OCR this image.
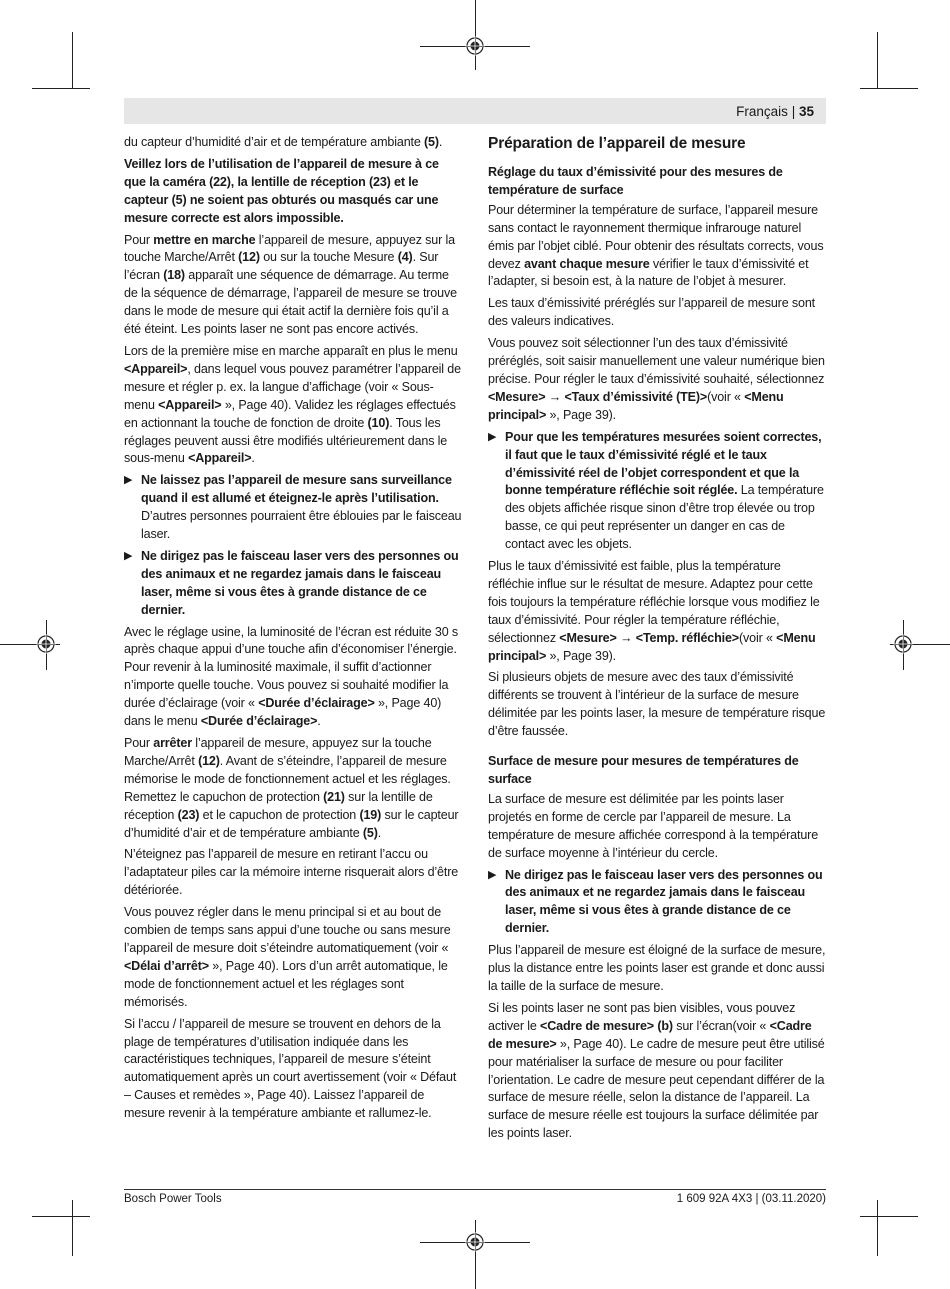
Français | 35

du capteur d’humidité d’air et de température ambiante (5).

Veillez lors de l’utilisation de l’appareil de mesure à ce que la caméra (22), la lentille de réception (23) et le capteur (5) ne soient pas obturés ou masqués car une mesure correcte est alors impossible.

Pour mettre en marche l’appareil de mesure, appuyez sur la touche Marche/Arrêt (12) ou sur la touche Mesure (4). Sur l’écran (18) apparaît une séquence de démarrage. Au terme de la séquence de démarrage, l’appareil de mesure se trouve dans le mode de mesure qui était actif la dernière fois qu’il a été éteint. Les points laser ne sont pas encore activés.

Lors de la première mise en marche apparaît en plus le menu <Appareil>, dans lequel vous pouvez paramétrer l’appareil de mesure et régler p. ex. la langue d’affichage (voir « Sous-menu <Appareil> », Page 40). Validez les réglages effectués en actionnant la touche de fonction de droite (10). Tous les réglages peuvent aussi être modifiés ultérieurement dans le sous-menu <Appareil>.

▶ Ne laissez pas l’appareil de mesure sans surveillance quand il est allumé et éteignez-le après l’utilisation. D’autres personnes pourraient être éblouies par le faisceau laser.
▶ Ne dirigez pas le faisceau laser vers des personnes ou des animaux et ne regardez jamais dans le faisceau laser, même si vous êtes à grande distance de ce dernier.

Avec le réglage usine, la luminosité de l’écran est réduite 30 s après chaque appui d’une touche afin d’économiser l’énergie. Pour revenir à la luminosité maximale, il suffit d’actionner n’importe quelle touche. Vous pouvez si souhaité modifier la durée d’éclairage (voir « <Durée d’éclairage> », Page 40) dans le menu <Durée d’éclairage>.

Pour arrêter l’appareil de mesure, appuyez sur la touche Marche/Arrêt (12). Avant de s’éteindre, l’appareil de mesure mémorise le mode de fonctionnement actuel et les réglages. Remettez le capuchon de protection (21) sur la lentille de réception (23) et le capuchon de protection (19) sur le capteur d’humidité d’air et de température ambiante (5).

N’éteignez pas l’appareil de mesure en retirant l’accu ou l’adaptateur piles car la mémoire interne risquerait alors d’être détériorée.

Vous pouvez régler dans le menu principal si et au bout de combien de temps sans appui d’une touche ou sans mesure l’appareil de mesure doit s’éteindre automatiquement (voir « <Délai d’arrêt> », Page 40). Lors d’un arrêt automatique, le mode de fonctionnement actuel et les réglages sont mémorisés.

Si l’accu / l’appareil de mesure se trouvent en dehors de la plage de températures d’utilisation indiquée dans les caractéristiques techniques, l’appareil de mesure s’éteint automatiquement après un court avertissement (voir « Défaut – Causes et remèdes », Page 40). Laissez l’appareil de mesure revenir à la température ambiante et rallumez-le.

Préparation de l’appareil de mesure
Réglage du taux d’émissivité pour des mesures de température de surface

Pour déterminer la température de surface, l’appareil mesure sans contact le rayonnement thermique infrarouge naturel émis par l’objet ciblé. Pour obtenir des résultats corrects, vous devez avant chaque mesure vérifier le taux d’émissivité et l’adapter, si besoin est, à la nature de l’objet à mesurer.

Les taux d’émissivité préréglés sur l’appareil de mesure sont des valeurs indicatives.

Vous pouvez soit sélectionner l’un des taux d’émissivité préréglés, soit saisir manuellement une valeur numérique bien précise. Pour régler le taux d’émissivité souhaité, sélectionnez <Mesure> → <Taux d’émissivité (TE)>(voir « <Menu principal> », Page 39).

▶ Pour que les températures mesurées soient correctes, il faut que le taux d’émissivité réglé et le taux d’émissivité réel de l’objet correspondent et que la bonne température réfléchie soit réglée. La température des objets affichée risque sinon d’être trop élevée ou trop basse, ce qui peut représenter un danger en cas de contact avec les objets.

Plus le taux d’émissivité est faible, plus la température réfléchie influe sur le résultat de mesure. Adaptez pour cette fois toujours la température réfléchie lorsque vous modifiez le taux d’émissivité. Pour régler la température réfléchie, sélectionnez <Mesure> → <Temp. réfléchie>(voir « <Menu principal> », Page 39).

Si plusieurs objets de mesure avec des taux d’émissivité différents se trouvent à l’intérieur de la surface de mesure délimitée par les points laser, la mesure de température risque d’être faussée.

Surface de mesure pour mesures de températures de surface

La surface de mesure est délimitée par les points laser projetés en forme de cercle par l’appareil de mesure. La température de mesure affichée correspond à la température de surface moyenne à l’intérieur du cercle.

▶ Ne dirigez pas le faisceau laser vers des personnes ou des animaux et ne regardez jamais dans le faisceau laser, même si vous êtes à grande distance de ce dernier.

Plus l’appareil de mesure est éloigné de la surface de mesure, plus la distance entre les points laser est grande et donc aussi la taille de la surface de mesure.

Si les points laser ne sont pas bien visibles, vous pouvez activer le <Cadre de mesure> (b) sur l’écran(voir « <Cadre de mesure> », Page 40). Le cadre de mesure peut être utilisé pour matérialiser la surface de mesure ou pour faciliter l’orientation. Le cadre de mesure peut cependant différer de la surface de mesure réelle, selon la distance de l’appareil. La surface de mesure réelle est toujours la surface délimitée par les points laser.

Bosch Power Tools	1 609 92A 4X3 | (03.11.2020)
